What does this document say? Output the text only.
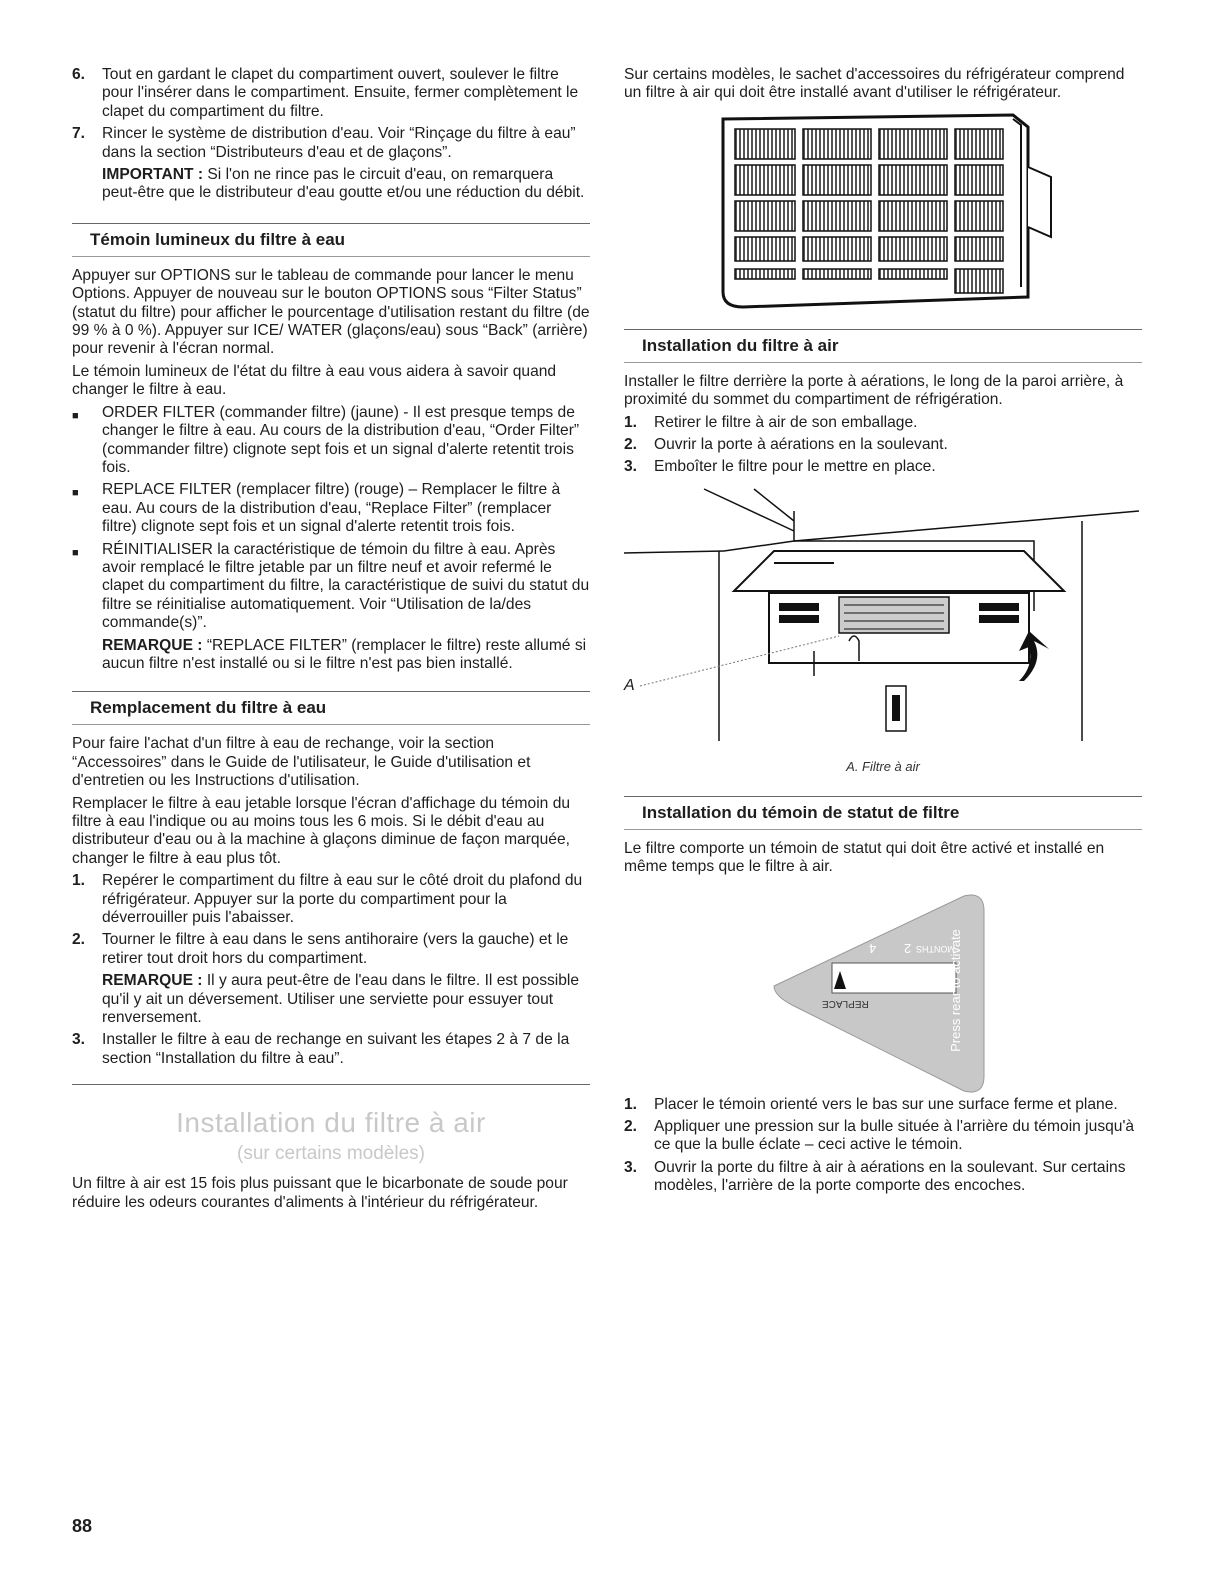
6.	Tout en gardant le clapet du compartiment ouvert, soulever le filtre pour l'insérer dans le compartiment. Ensuite, fermer complètement le clapet du compartiment du filtre.
7.	Rincer le système de distribution d'eau. Voir “Rinçage du filtre à eau” dans la section “Distributeurs d'eau et de glaçons”.

IMPORTANT : Si l'on ne rince pas le circuit d'eau, on remarquera peut-être que le distributeur d'eau goutte et/ou une réduction du débit.

Témoin lumineux du filtre à eau

Appuyer sur OPTIONS sur le tableau de commande pour lancer le menu Options. Appuyer de nouveau sur le bouton OPTIONS sous “Filter Status” (statut du filtre) pour afficher le pourcentage d'utilisation restant du filtre (de 99 % à 0 %). Appuyer sur ICE/ WATER (glaçons/eau) sous “Back” (arrière) pour revenir à l'écran normal.

Le témoin lumineux de l'état du filtre à eau vous aidera à savoir quand changer le filtre à eau.

■	ORDER FILTER (commander filtre) (jaune) - Il est presque temps de changer le filtre à eau. Au cours de la distribution d'eau, “Order Filter” (commander filtre) clignote sept fois et un signal d'alerte retentit trois fois.
■	REPLACE FILTER (remplacer filtre) (rouge) – Remplacer le filtre à eau. Au cours de la distribution d'eau, “Replace Filter” (remplacer filtre) clignote sept fois et un signal d'alerte retentit trois fois.
■	RÉINITIALISER la caractéristique de témoin du filtre à eau. Après avoir remplacé le filtre jetable par un filtre neuf et avoir refermé le clapet du compartiment du filtre, la caractéristique de suivi du statut du filtre se réinitialise automatiquement. Voir “Utilisation de la/des commande(s)”.

REMARQUE : “REPLACE FILTER” (remplacer le filtre) reste allumé si aucun filtre n'est installé ou si le filtre n'est pas bien installé.

Remplacement du filtre à eau

Pour faire l'achat d'un filtre à eau de rechange, voir la section “Accessoires” dans le Guide de l'utilisateur, le Guide d'utilisation et d'entretien ou les Instructions d'utilisation.

Remplacer le filtre à eau jetable lorsque l'écran d'affichage du témoin du filtre à eau l'indique ou au moins tous les 6 mois. Si le débit d'eau au distributeur d'eau ou à la machine à glaçons diminue de façon marquée, changer le filtre à eau plus tôt.

1.	Repérer le compartiment du filtre à eau sur le côté droit du plafond du réfrigérateur. Appuyer sur la porte du compartiment pour la déverrouiller puis l'abaisser.
2.	Tourner le filtre à eau dans le sens antihoraire (vers la gauche) et le retirer tout droit hors du compartiment.

REMARQUE : Il y aura peut-être de l'eau dans le filtre. Il est possible qu'il y ait un déversement. Utiliser une serviette pour essuyer tout renversement.

3.	Installer le filtre à eau de rechange en suivant les étapes 2 à 7 de la section “Installation du filtre à eau”.
Installation du filtre à air
(sur certains modèles)

Un filtre à air est 15 fois plus puissant que le bicarbonate de soude pour réduire les odeurs courantes d'aliments à l'intérieur du réfrigérateur.

Sur certains modèles, le sachet d'accessoires du réfrigérateur comprend un filtre à air qui doit être installé avant d'utiliser le réfrigérateur.

Installation du filtre à air

Installer le filtre derrière la porte à aérations, le long de la paroi arrière, à proximité du sommet du compartiment de réfrigération.

1.	Retirer le filtre à air de son emballage.
2.	Ouvrir la porte à aérations en la soulevant.
3.	Emboîter le filtre pour le mettre en place.
A
A. Filtre à air
Installation du témoin de statut de filtre

Le filtre comporte un témoin de statut qui doit être activé et installé en même temps que le filtre à air.

6 4 2 MONTHS
REPLACE	Press rear to activate
1.	Placer le témoin orienté vers le bas sur une surface ferme et plane.
2.	Appliquer une pression sur la bulle située à l'arrière du témoin jusqu'à ce que la bulle éclate – ceci active le témoin.
3.	Ouvrir la porte du filtre à air à aérations en la soulevant. Sur certains modèles, l'arrière de la porte comporte des encoches.
88
